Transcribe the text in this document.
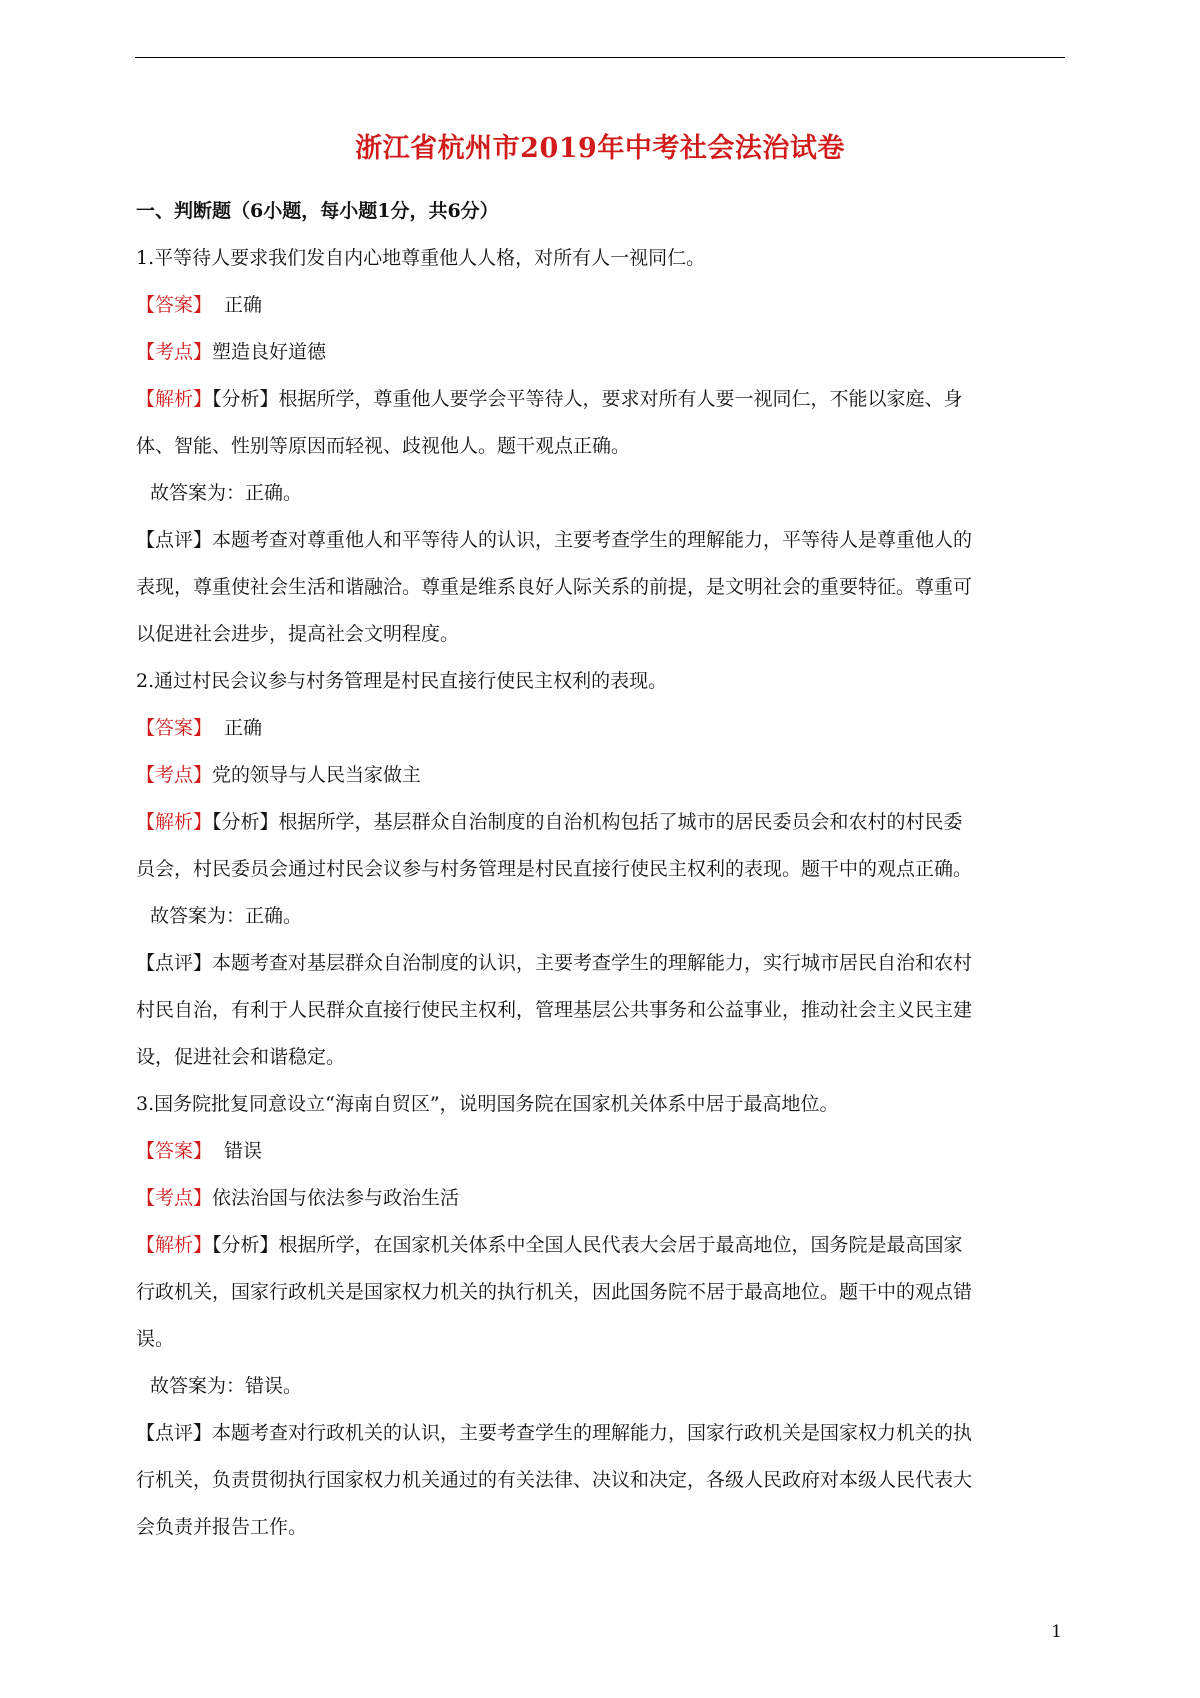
浙江省杭州市2019年中考社会法治试卷
一、判断题（6小题，每小题1分，共6分）
1.平等待人要求我们发自内心地尊重他人人格，对所有人一视同仁。
【答案】 正确
【考点】塑造良好道德
【解析】【分析】根据所学，尊重他人要学会平等待人，要求对所有人要一视同仁，不能以家庭、身
体、智能、性别等原因而轻视、歧视他人。题干观点正确。
故答案为：正确。
【点评】本题考查对尊重他人和平等待人的认识，主要考查学生的理解能力，平等待人是尊重他人的
表现，尊重使社会生活和谐融洽。尊重是维系良好人际关系的前提，是文明社会的重要特征。尊重可
以促进社会进步，提高社会文明程度。
2.通过村民会议参与村务管理是村民直接行使民主权利的表现。
【答案】 正确
【考点】党的领导与人民当家做主
【解析】【分析】根据所学，基层群众自治制度的自治机构包括了城市的居民委员会和农村的村民委
员会，村民委员会通过村民会议参与村务管理是村民直接行使民主权利的表现。题干中的观点正确。
故答案为：正确。
【点评】本题考查对基层群众自治制度的认识，主要考查学生的理解能力，实行城市居民自治和农村
村民自治，有利于人民群众直接行使民主权利，管理基层公共事务和公益事业，推动社会主义民主建
设，促进社会和谐稳定。
3.国务院批复同意设立“海南自贸区”，说明国务院在国家机关体系中居于最高地位。
【答案】 错误
【考点】依法治国与依法参与政治生活
【解析】【分析】根据所学，在国家机关体系中全国人民代表大会居于最高地位，国务院是最高国家
行政机关，国家行政机关是国家权力机关的执行机关，因此国务院不居于最高地位。题干中的观点错
误。
故答案为：错误。
【点评】本题考查对行政机关的认识，主要考查学生的理解能力，国家行政机关是国家权力机关的执
行机关，负责贯彻执行国家权力机关通过的有关法律、决议和决定，各级人民政府对本级人民代表大
会负责并报告工作。
1
